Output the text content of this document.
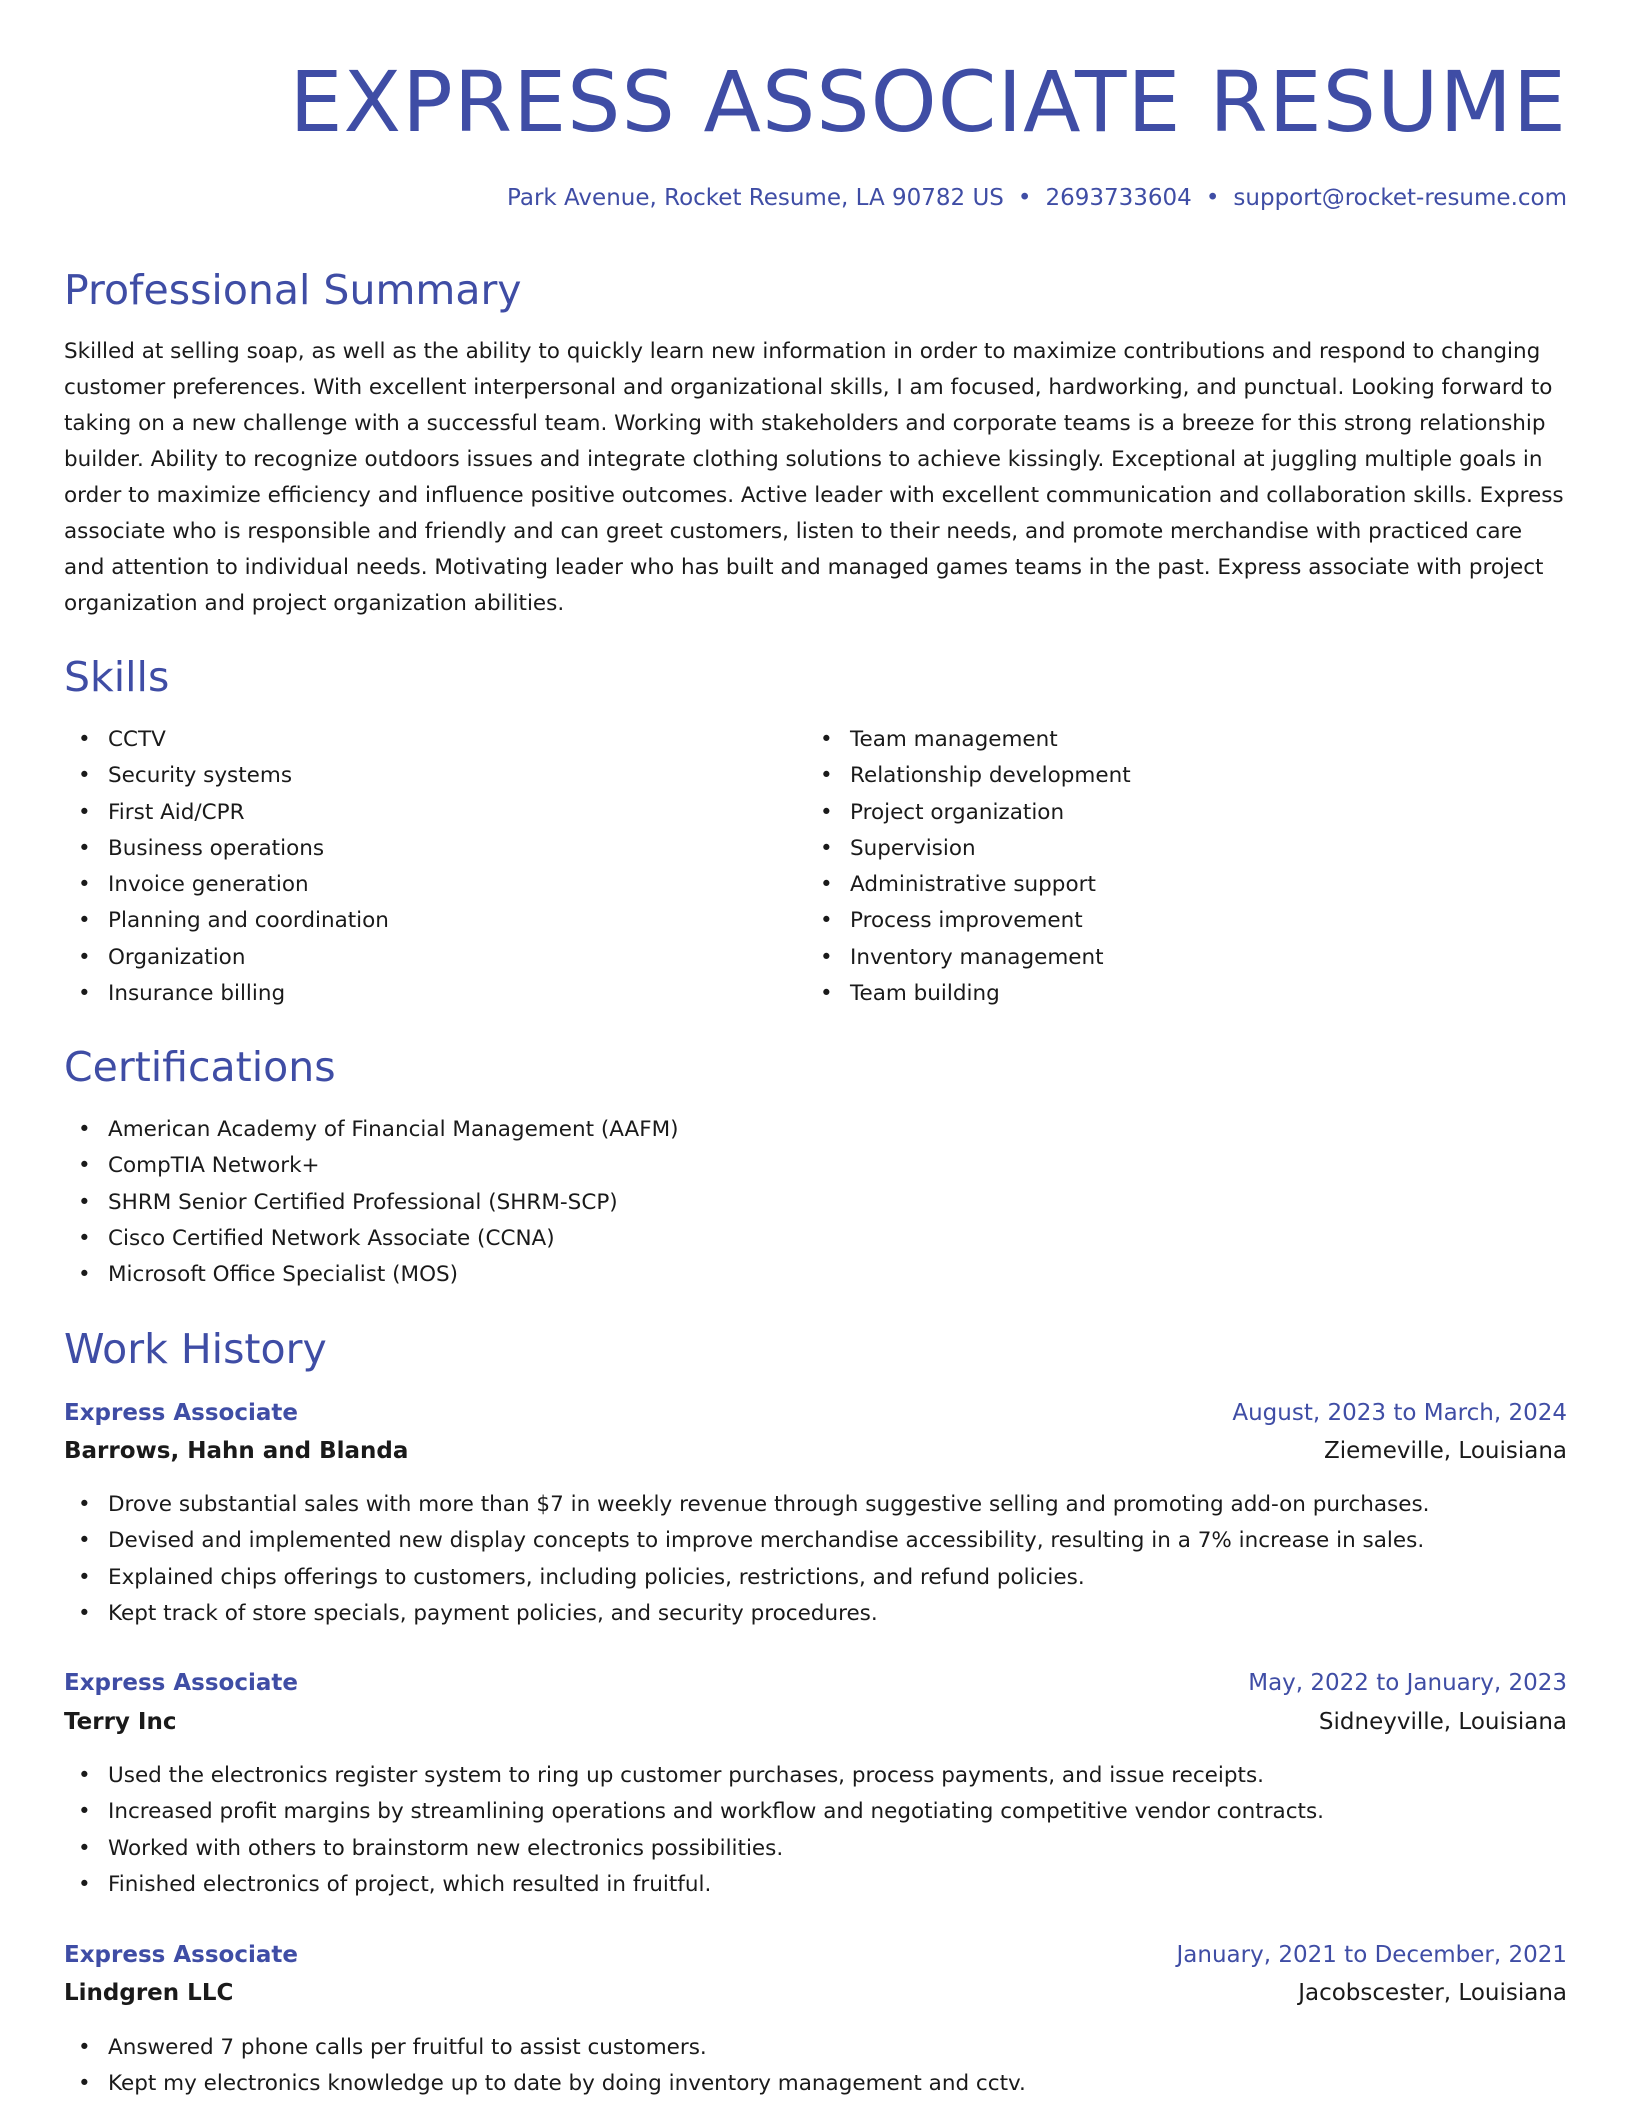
EXPRESS ASSOCIATE RESUME
Park Avenue, Rocket Resume, LA 90782 US • 2693733604 • support@rocket-resume.com
Professional Summary

Skilled at selling soap, as well as the ability to quickly learn new information in order to maximize contributions and respond to changing customer preferences. With excellent interpersonal and organizational skills, I am focused, hardworking, and punctual. Looking forward to taking on a new challenge with a successful team. Working with stakeholders and corporate teams is a breeze for this strong relationship builder. Ability to recognize outdoors issues and integrate clothing solutions to achieve kissingly. Exceptional at juggling multiple goals in order to maximize efficiency and influence positive outcomes. Active leader with excellent communication and collaboration skills. Express associate who is responsible and friendly and can greet customers, listen to their needs, and promote merchandise with practiced care and attention to individual needs. Motivating leader who has built and managed games teams in the past. Express associate with project organization and project organization abilities.

Skills
• CCTV
• Security systems
• First Aid/CPR
• Business operations
• Invoice generation
• Planning and coordination
• Organization
• Insurance billing
• Team management
• Relationship development
• Project organization
• Supervision
• Administrative support
• Process improvement
• Inventory management
• Team building
Certifications
• American Academy of Financial Management (AAFM)
• CompTIA Network+
• SHRM Senior Certified Professional (SHRM-SCP)
• Cisco Certified Network Associate (CCNA)
• Microsoft Office Specialist (MOS)
Work History
Express Associate	August, 2023 to March, 2024
Barrows, Hahn and Blanda	Ziemeville, Louisiana
• Drove substantial sales with more than $7 in weekly revenue through suggestive selling and promoting add-on purchases.
• Devised and implemented new display concepts to improve merchandise accessibility, resulting in a 7% increase in sales.
• Explained chips offerings to customers, including policies, restrictions, and refund policies.
• Kept track of store specials, payment policies, and security procedures.
Express Associate	May, 2022 to January, 2023
Terry Inc	Sidneyville, Louisiana
• Used the electronics register system to ring up customer purchases, process payments, and issue receipts.
• Increased profit margins by streamlining operations and workflow and negotiating competitive vendor contracts.
• Worked with others to brainstorm new electronics possibilities.
• Finished electronics of project, which resulted in fruitful.
Express Associate	January, 2021 to December, 2021
Lindgren LLC	Jacobscester, Louisiana
• Answered 7 phone calls per fruitful to assist customers.
• Kept my electronics knowledge up to date by doing inventory management and cctv.
